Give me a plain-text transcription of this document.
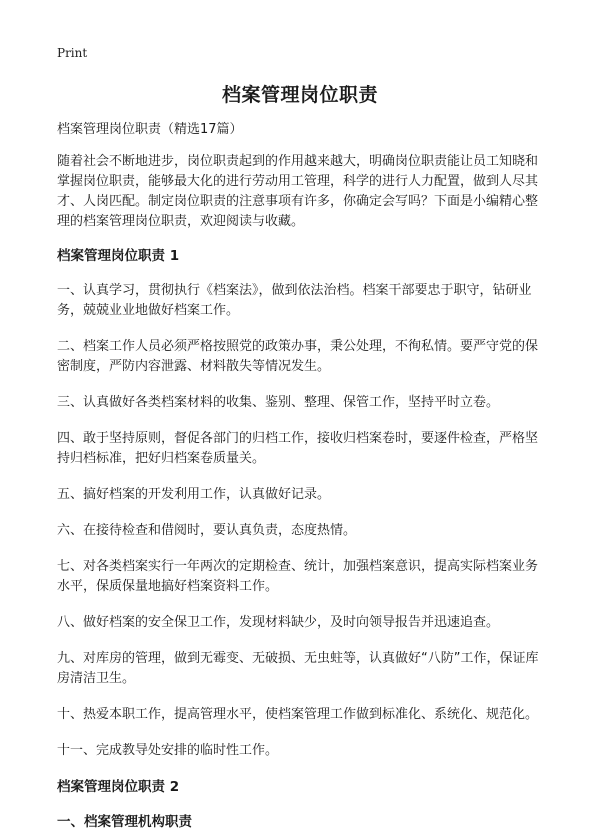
Print
档案管理岗位职责

档案管理岗位职责（精选17篇）

随着社会不断地进步，岗位职责起到的作用越来越大，明确岗位职责能让员工知晓和掌握岗位职责，能够最大化的进行劳动用工管理，科学的进行人力配置，做到人尽其才、人岗匹配。制定岗位职责的注意事项有许多，你确定会写吗？下面是小编精心整理的档案管理岗位职责，欢迎阅读与收藏。

档案管理岗位职责 1

一、认真学习，贯彻执行《档案法》，做到依法治档。档案干部要忠于职守，钻研业务，兢兢业业地做好档案工作。

二、档案工作人员必须严格按照党的政策办事，秉公处理，不徇私情。要严守党的保密制度，严防内容泄露、材料散失等情况发生。

三、认真做好各类档案材料的收集、鉴别、整理、保管工作，坚持平时立卷。

四、敢于坚持原则，督促各部门的归档工作，接收归档案卷时，要逐件检查，严格坚持归档标准，把好归档案卷质量关。

五、搞好档案的开发利用工作，认真做好记录。

六、在接待检查和借阅时，要认真负责，态度热情。

七、对各类档案实行一年两次的定期检查、统计，加强档案意识，提高实际档案业务水平，保质保量地搞好档案资料工作。

八、做好档案的安全保卫工作，发现材料缺少，及时向领导报告并迅速追查。

九、对库房的管理，做到无霉变、无破损、无虫蛀等，认真做好“八防”工作，保证库房清洁卫生。

十、热爱本职工作，提高管理水平，使档案管理工作做到标准化、系统化、规范化。

十一、完成教导处安排的临时性工作。

档案管理岗位职责 2

一、档案管理机构职责
